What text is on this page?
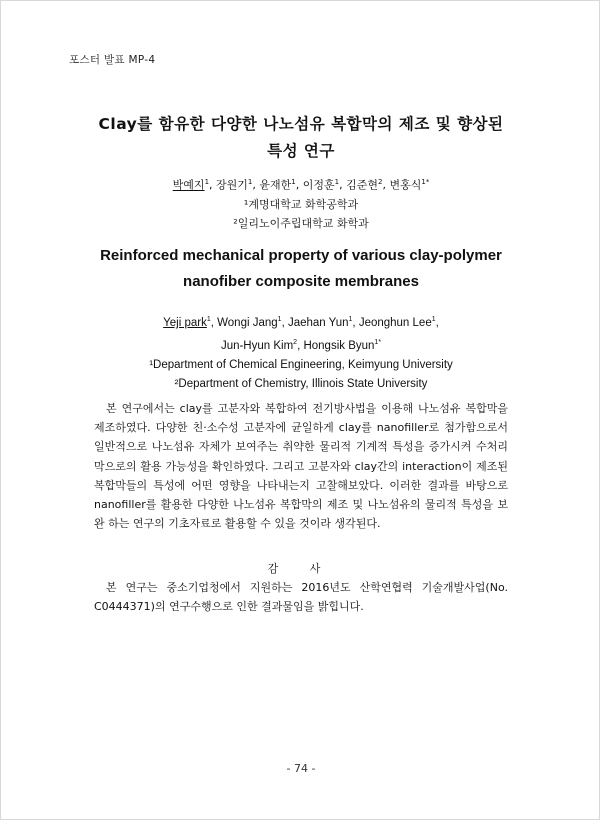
포스터 발표 MP-4
Clay를 함유한 다양한 나노섬유 복합막의 제조 및 향상된
특성 연구
박예지$^1$, 장원기$^1$, 윤재한$^1$, 이정훈$^1$, 김준현$^2$, 변홍식$^{1*}$
¹계명대학교 화학공학과
²일리노이주립대학교 화학과
Reinforced mechanical property of various clay-polymer
nanofiber composite membranes
Yeji park$^1$, Wongi Jang$^1$, Jaehan Yun$^1$, Jeonghun Lee$^1$,
Jun-Hyun Kim$^2$, Hongsik Byun$^{1*}$
¹Department of Chemical Engineering, Keimyung University
²Department of Chemistry, Illinois State University
본 연구에서는 clay를 고분자와 복합하여 전기방사법을 이용해 나노섬유 복합막을 제조하였다. 다양한 친·소수성 고분자에 균일하게 clay를 nanofiller로 첨가함으로서 일반적으로 나노섬유 자체가 보여주는 취약한 물리적 기계적 특성을 증가시켜 수처리 막으로의 활용 가능성을 확인하였다. 그리고 고분자와 clay간의 interaction이 제조된 복합막들의 특성에 어떤 영향을 나타내는지 고찰해보았다. 이러한 결과를 바탕으로 nanofiller를 활용한 다양한 나노섬유 복합막의 제조 및 나노섬유의 물리적 특성을 보완 하는 연구의 기초자료로 활용할 수 있을 것이라 생각된다.
감 사
본 연구는 중소기업청에서 지원하는 2016년도 산학연협력 기술개발사업(No. C0444371)의 연구수행으로 인한 결과물임을 밝힙니다.
- 74 -
